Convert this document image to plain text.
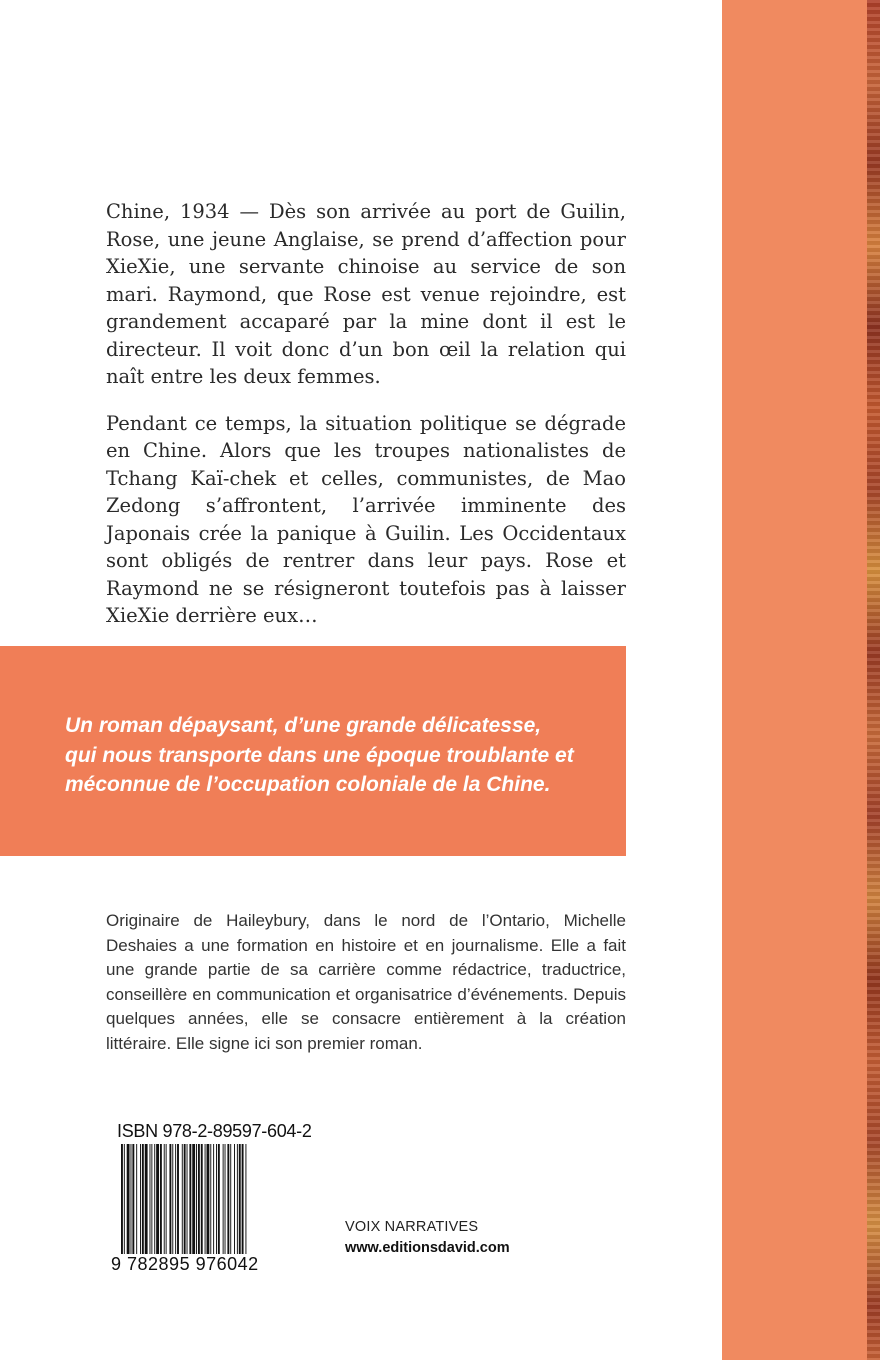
Chine, 1934 — Dès son arrivée au port de Guilin, Rose, une jeune Anglaise, se prend d’affection pour XieXie, une servante chinoise au service de son mari. Raymond, que Rose est venue rejoindre, est grandement accaparé par la mine dont il est le directeur. Il voit donc d’un bon œil la relation qui naît entre les deux femmes.

Pendant ce temps, la situation politique se dégrade en Chine. Alors que les troupes nationalistes de Tchang Kaï-chek et celles, communistes, de Mao Zedong s’affrontent, l’arrivée imminente des Japonais crée la panique à Guilin. Les Occidentaux sont obligés de rentrer dans leur pays. Rose et Raymond ne se résigneront toutefois pas à laisser XieXie derrière eux…

Un roman dépaysant, d’une grande délicatesse,
qui nous transporte dans une époque troublante et
méconnue de l’occupation coloniale de la Chine.

Originaire de Haileybury, dans le nord de l’Ontario, Michelle Deshaies a une formation en histoire et en journalisme. Elle a fait une grande partie de sa carrière comme rédactrice, traductrice, conseillère en communication et organisatrice d’événements. Depuis quelques années, elle se consacre entièrement à la création littéraire. Elle signe ici son premier roman.

ISBN 978-2-89597-604-2
9 782895 976042
VOIX NARRATIVES
www.editionsdavid.com
